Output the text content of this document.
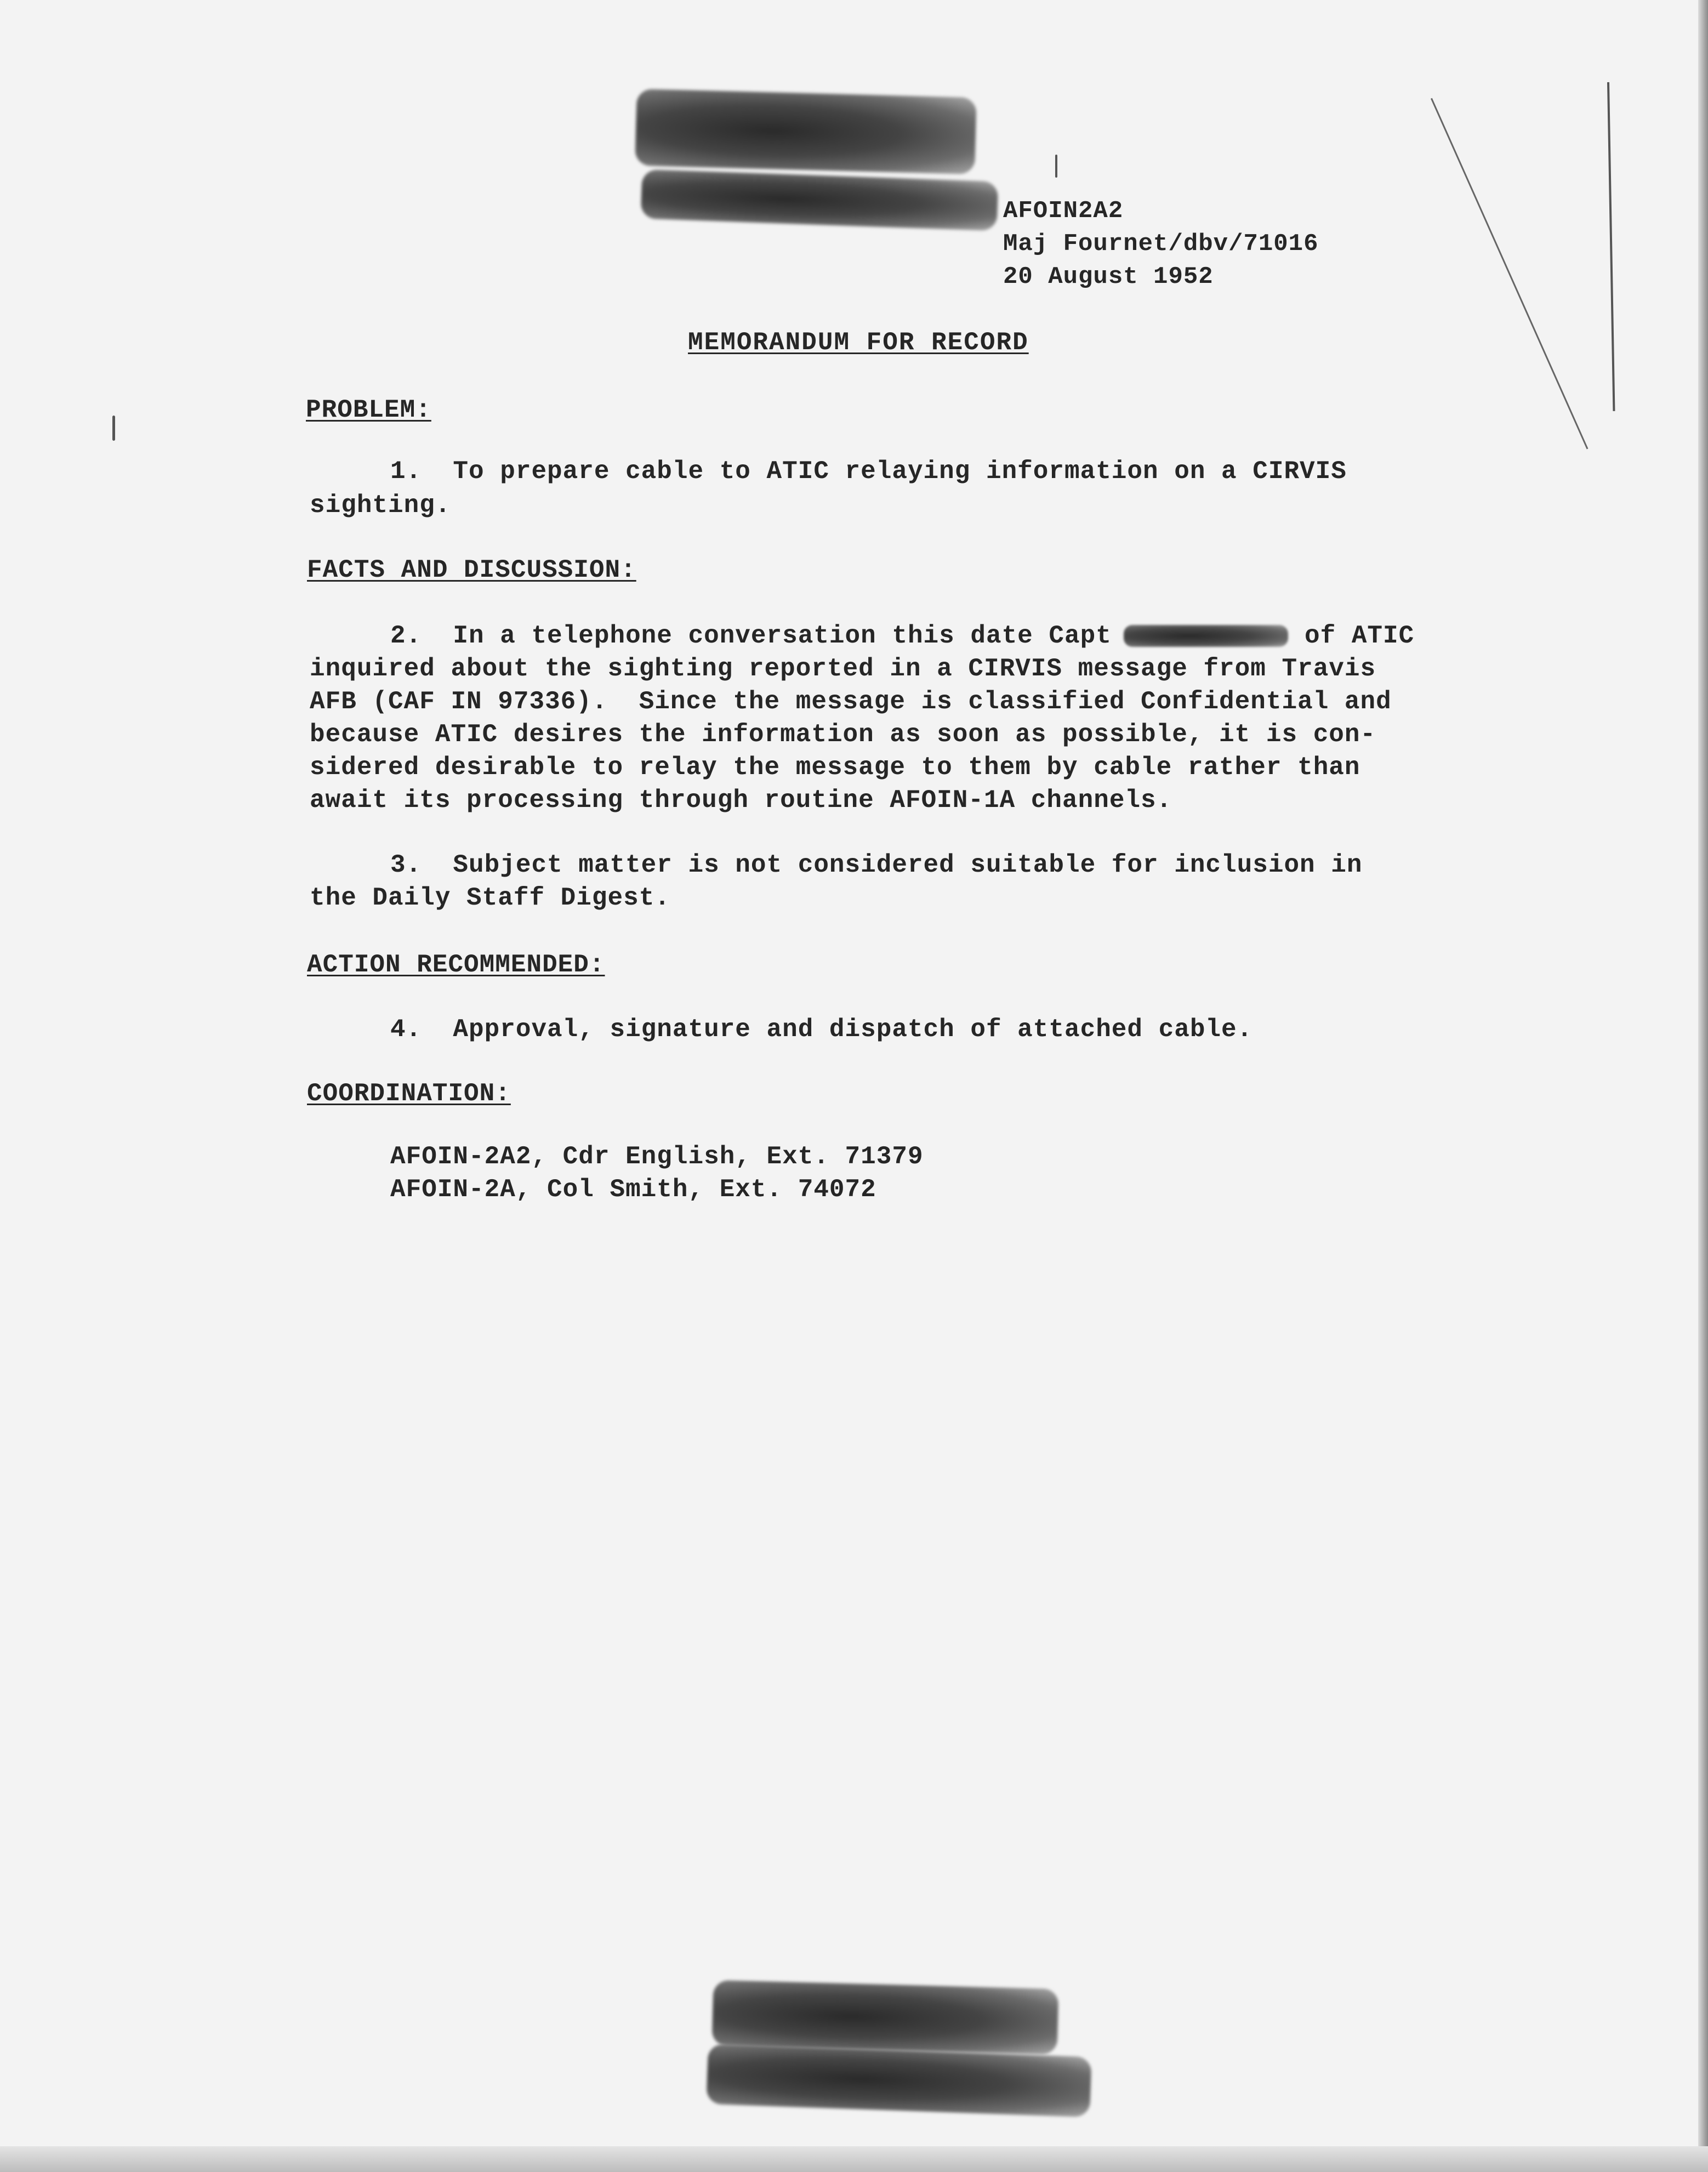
AFOIN2A2
Maj Fournet/dbv/71016
20 August 1952
MEMORANDUM FOR RECORD
PROBLEM:
1.  To prepare cable to ATIC relaying information on a CIRVIS
sighting.
FACTS AND DISCUSSION:
2.  In a telephone conversation this date Capt	of ATIC
inquired about the sighting reported in a CIRVIS message from Travis
AFB (CAF IN 97336).  Since the message is classified Confidential and
because ATIC desires the information as soon as possible, it is con-
sidered desirable to relay the message to them by cable rather than
await its processing through routine AFOIN-1A channels.
3.  Subject matter is not considered suitable for inclusion in
the Daily Staff Digest.
ACTION RECOMMENDED:
4.  Approval, signature and dispatch of attached cable.
COORDINATION:
AFOIN-2A2, Cdr English, Ext. 71379
AFOIN-2A, Col Smith, Ext. 74072
